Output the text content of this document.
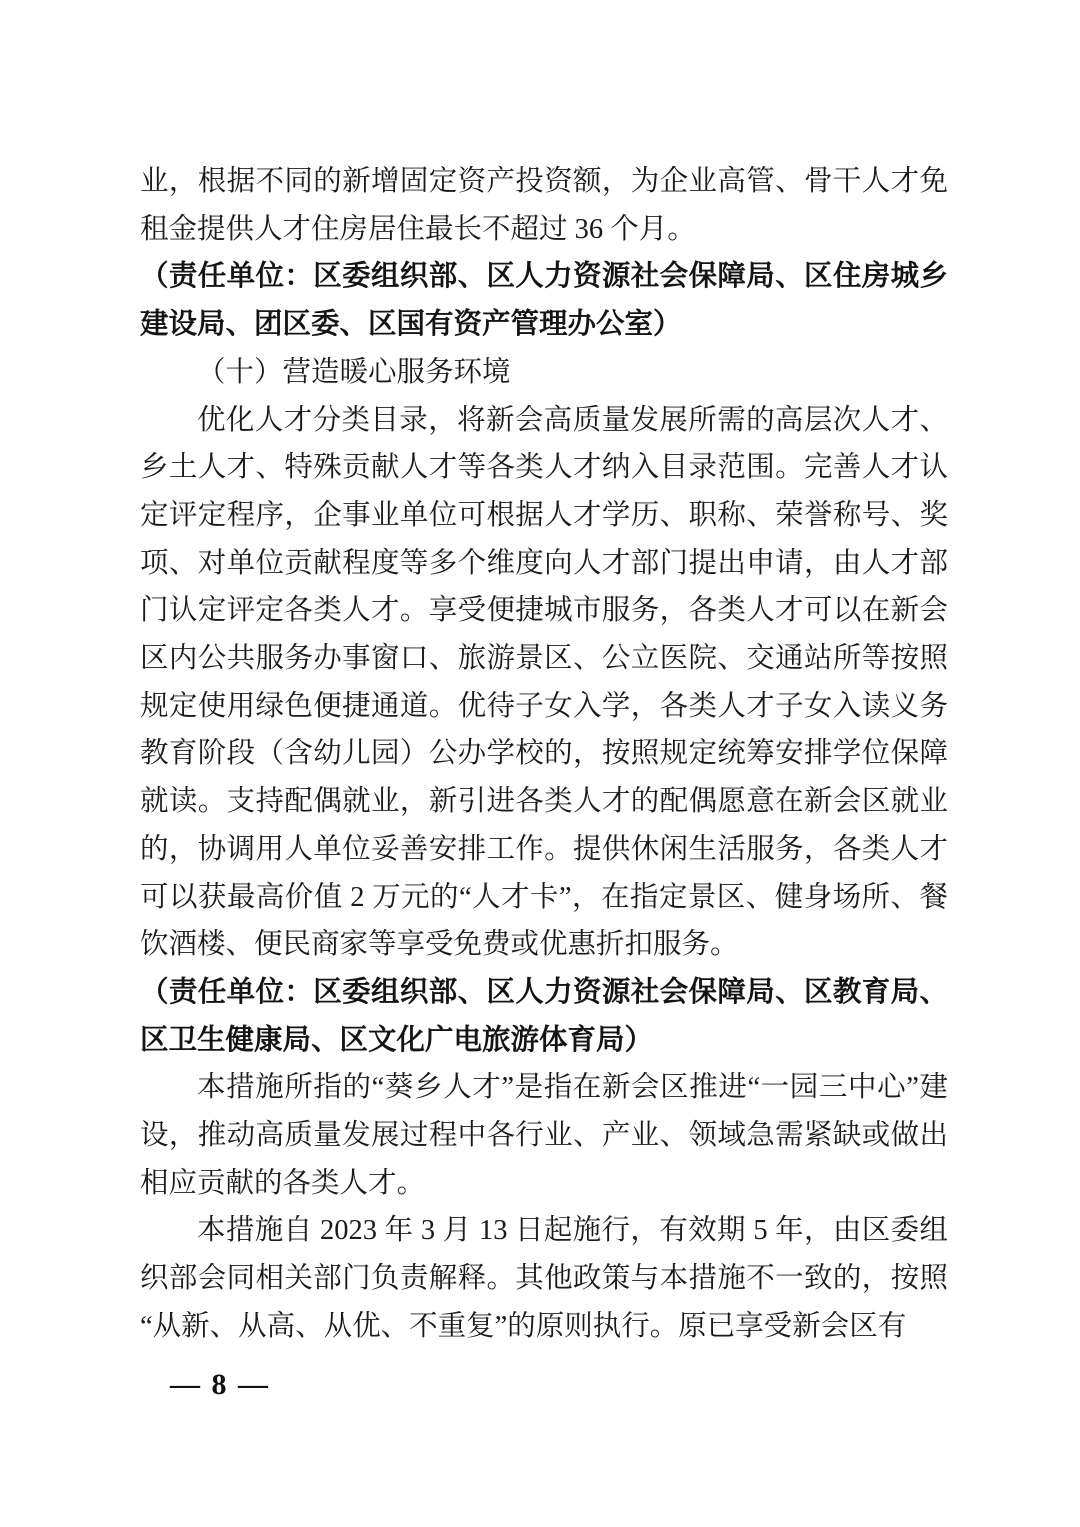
业，根据不同的新增固定资产投资额，为企业高管、骨干人才免租金提供人才住房居住最长不超过 36 个月。

（责任单位：区委组织部、区人力资源社会保障局、区住房城乡建设局、团区委、区国有资产管理办公室）

（十）营造暖心服务环境

优化人才分类目录，将新会高质量发展所需的高层次人才、乡土人才、特殊贡献人才等各类人才纳入目录范围。完善人才认定评定程序，企事业单位可根据人才学历、职称、荣誉称号、奖项、对单位贡献程度等多个维度向人才部门提出申请，由人才部门认定评定各类人才。享受便捷城市服务，各类人才可以在新会区内公共服务办事窗口、旅游景区、公立医院、交通站所等按照规定使用绿色便捷通道。优待子女入学，各类人才子女入读义务教育阶段（含幼儿园）公办学校的，按照规定统筹安排学位保障就读。支持配偶就业，新引进各类人才的配偶愿意在新会区就业的，协调用人单位妥善安排工作。提供休闲生活服务，各类人才可以获最高价值 2 万元的“人才卡”，在指定景区、健身场所、餐饮酒楼、便民商家等享受免费或优惠折扣服务。

（责任单位：区委组织部、区人力资源社会保障局、区教育局、区卫生健康局、区文化广电旅游体育局）

本措施所指的“葵乡人才”是指在新会区推进“一园三中心”建设，推动高质量发展过程中各行业、产业、领域急需紧缺或做出相应贡献的各类人才。

本措施自 2023 年 3 月 13 日起施行，有效期 5 年，由区委组织部会同相关部门负责解释。其他政策与本措施不一致的，按照“从新、从高、从优、不重复”的原则执行。原已享受新会区有

— 8 —
